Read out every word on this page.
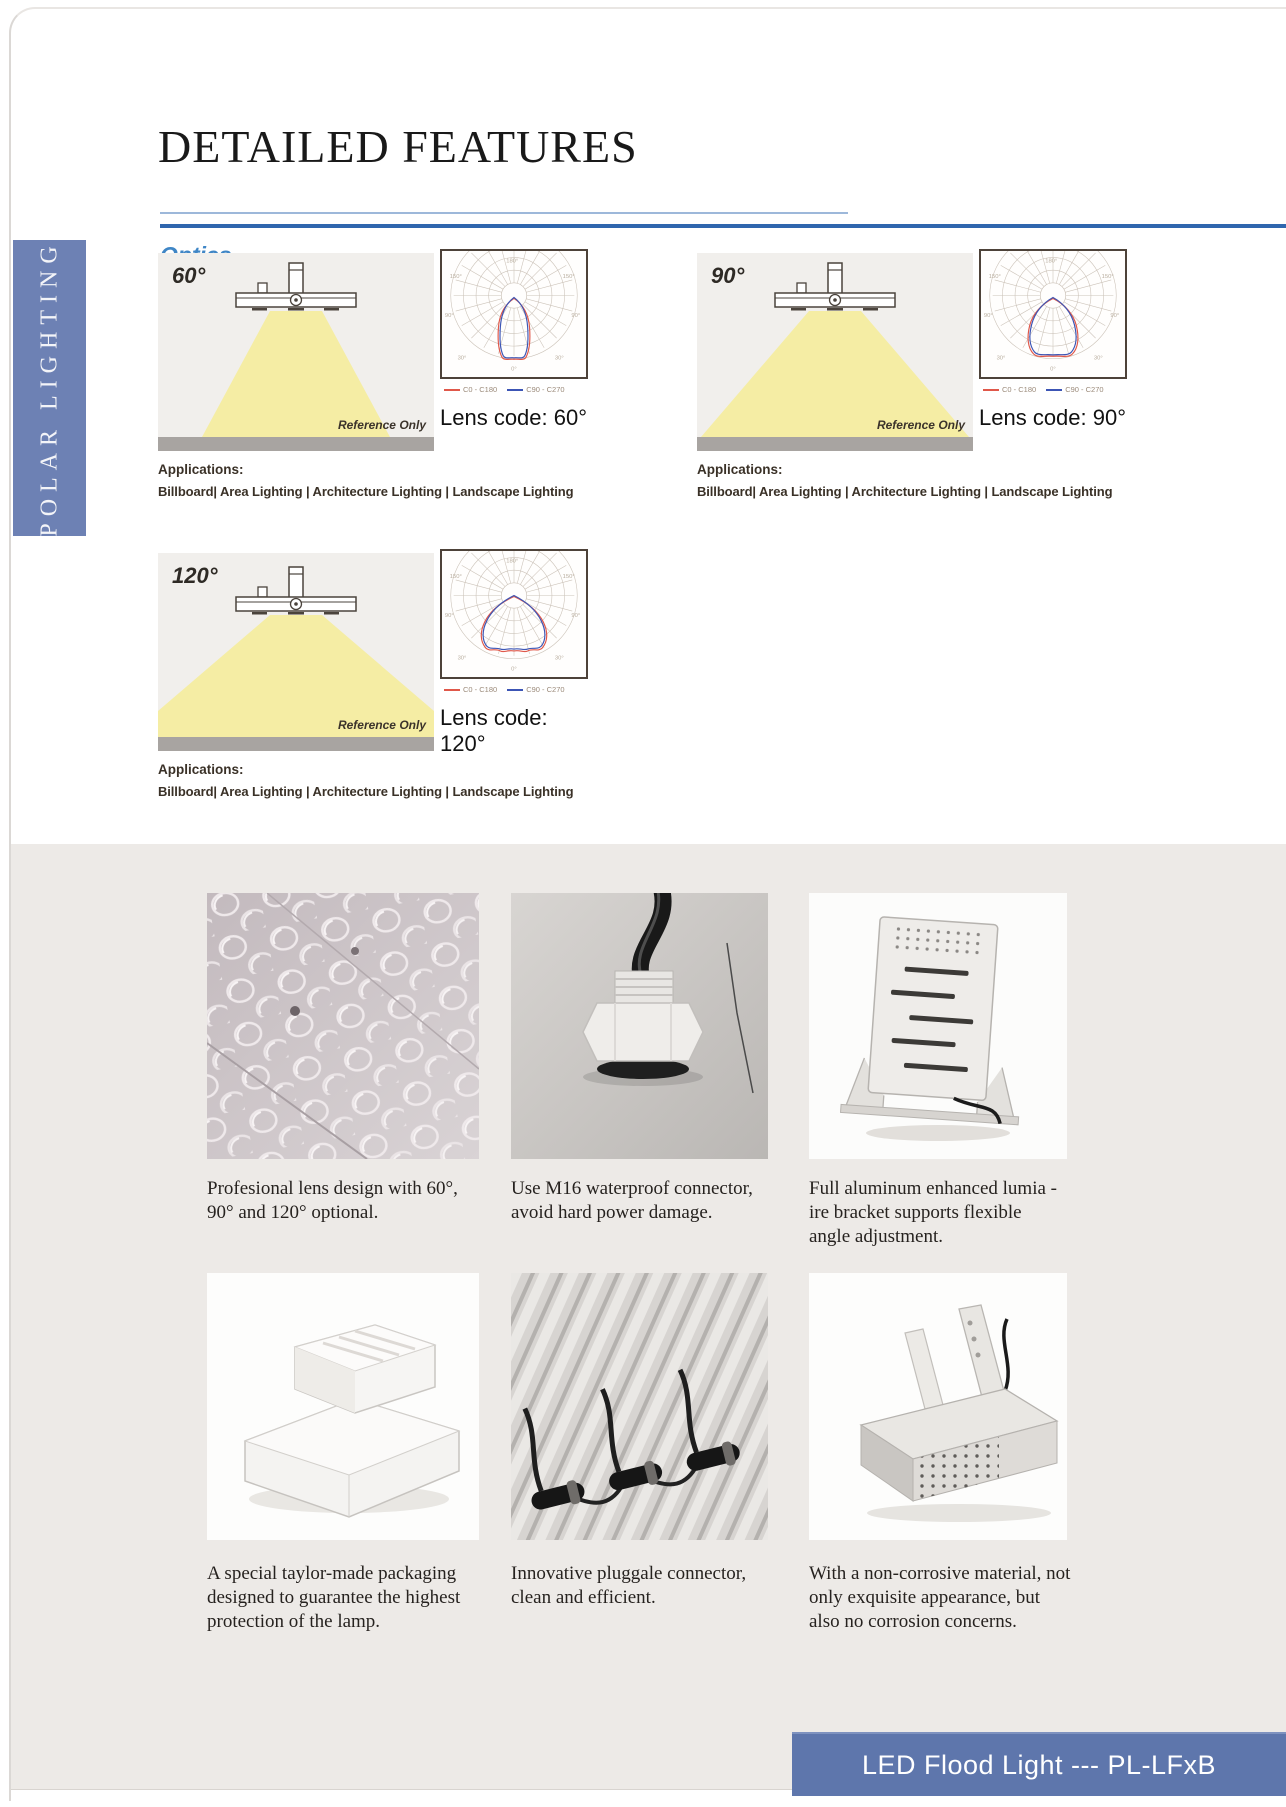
POLAR LIGHTING
DETAILED FEATURES
60°
Reference Only
180°
150°	150°
90°	90°
30°	30°
0°
C0 - C180	C90 - C270
Lens code: 60°
Applications:
Billboard| Area Lighting | Architecture Lighting | Landscape Lighting
90°
Reference Only
180°
150°	150°
90°	90°
30°	30°
0°
C0 - C180	C90 - C270
Lens code: 90°
Applications:
Billboard| Area Lighting | Architecture Lighting | Landscape Lighting
120°
Reference Only
180°
150°	150°
90°	90°
30°	30°
0°
C0 - C180	C90 - C270
Lens code: 120°
Applications:
Billboard| Area Lighting | Architecture Lighting | Landscape Lighting
Profesional lens design with 60°, 90° and 120° optional.
Use M16 waterproof connector, avoid hard power damage.
Full aluminum enhanced lumia -ire bracket supports flexible angle adjustment.
A special taylor-made packaging designed to guarantee the highest protection of the lamp.
Innovative pluggale connector, clean and efficient.
With a non-corrosive material, not only exquisite appearance, but also no corrosion concerns.
LED Flood Light --- PL-LFxB
